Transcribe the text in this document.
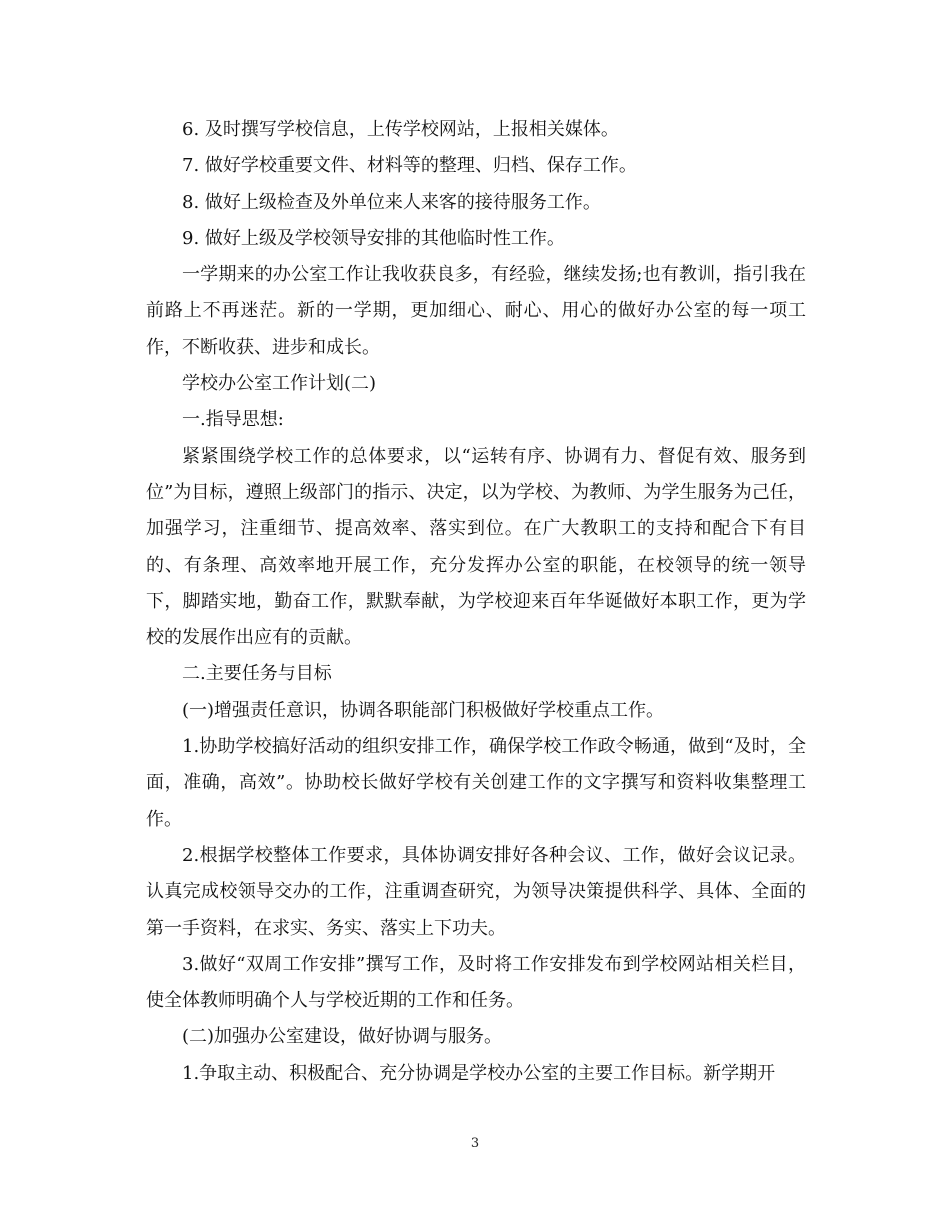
6. 及时撰写学校信息，上传学校网站，上报相关媒体。

7. 做好学校重要文件、材料等的整理、归档、保存工作。

8. 做好上级检查及外单位来人来客的接待服务工作。

9. 做好上级及学校领导安排的其他临时性工作。

一学期来的办公室工作让我收获良多，有经验，继续发扬;也有教训，指引我在前路上不再迷茫。新的一学期，更加细心、耐心、用心的做好办公室的每一项工作，不断收获、进步和成长。

学校办公室工作计划(二)

一.指导思想:

紧紧围绕学校工作的总体要求，以“运转有序、协调有力、督促有效、服务到位”为目标，遵照上级部门的指示、决定，以为学校、为教师、为学生服务为己任，加强学习，注重细节、提高效率、落实到位。在广大教职工的支持和配合下有目的、有条理、高效率地开展工作，充分发挥办公室的职能，在校领导的统一领导下，脚踏实地，勤奋工作，默默奉献，为学校迎来百年华诞做好本职工作，更为学校的发展作出应有的贡献。

二.主要任务与目标

(一)增强责任意识，协调各职能部门积极做好学校重点工作。

1.协助学校搞好活动的组织安排工作，确保学校工作政令畅通，做到“及时，全面，准确，高效”。协助校长做好学校有关创建工作的文字撰写和资料收集整理工作。

2.根据学校整体工作要求，具体协调安排好各种会议、工作，做好会议记录。认真完成校领导交办的工作，注重调查研究，为领导决策提供科学、具体、全面的第一手资料，在求实、务实、落实上下功夫。

3.做好“双周工作安排”撰写工作，及时将工作安排发布到学校网站相关栏目，使全体教师明确个人与学校近期的工作和任务。

(二)加强办公室建设，做好协调与服务。

1.争取主动、积极配合、充分协调是学校办公室的主要工作目标。新学期开

3
